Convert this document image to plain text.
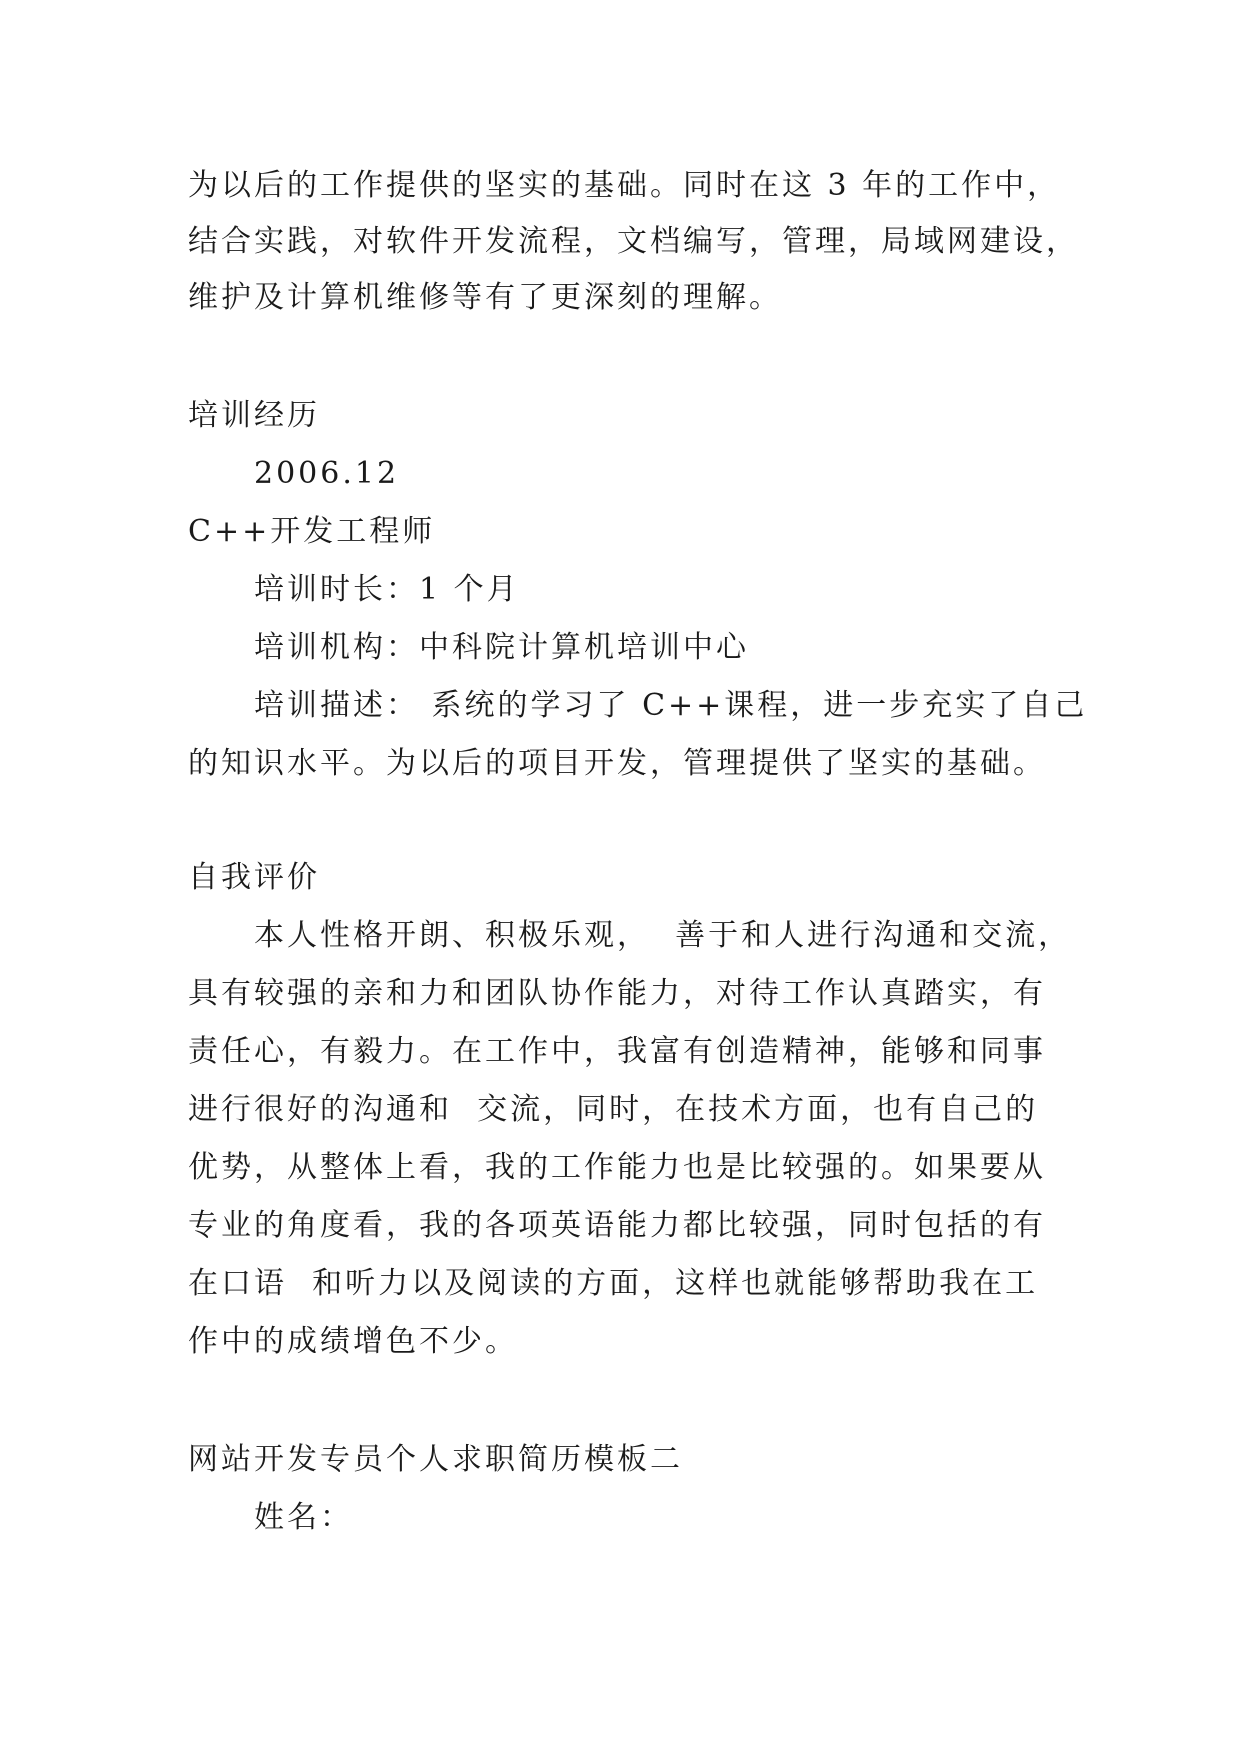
为以后的工作提供的坚实的基础。同时在这 3 年的工作中，
结合实践，对软件开发流程，文档编写，管理，局域网建设，
维护及计算机维修等有了更深刻的理解。
培训经历
2006.12
C++开发工程师
培训时长：1 个月
培训机构：中科院计算机培训中心
培训描述： 系统的学习了 C++课程，进一步充实了自己
的知识水平。为以后的项目开发，管理提供了坚实的基础。
自我评价
本人性格开朗、积极乐观，  善于和人进行沟通和交流，
具有较强的亲和力和团队协作能力，对待工作认真踏实，有
责任心，有毅力。在工作中，我富有创造精神，能够和同事
进行很好的沟通和  交流，同时，在技术方面，也有自己的
优势，从整体上看，我的工作能力也是比较强的。如果要从
专业的角度看，我的各项英语能力都比较强，同时包括的有
在口语  和听力以及阅读的方面，这样也就能够帮助我在工
作中的成绩增色不少。
网站开发专员个人求职简历模板二
姓名：
